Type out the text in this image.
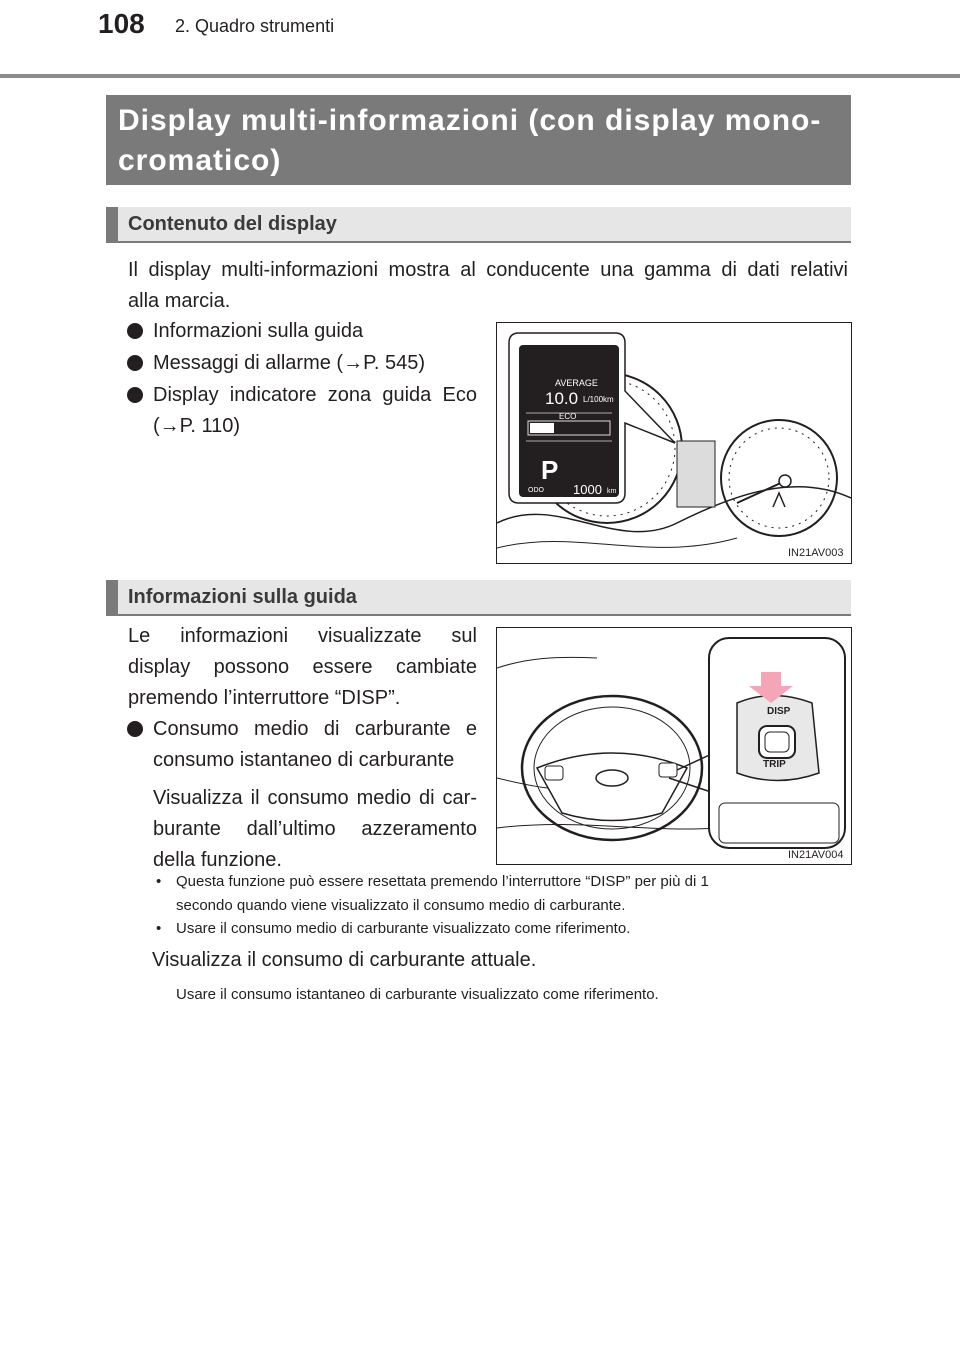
108 2. Quadro strumenti
Display multi-informazioni (con display mono-
cromatico)
Contenuto del display
Il display multi-informazioni mostra al conducente una gamma di dati relativi
alla marcia.
Informazioni sulla guida
Messaggi di allarme (→P. 545)
Display indicatore zona guida Eco
(→P. 110)
AVERAGE
10.0 L/100km
ECO
P
ODO 1000 km
IN21AV003
Informazioni sulla guida
Le informazioni visualizzate sul
display possono essere cambiate
premendo l’interruttore “DISP”.
Consumo medio di carburante e
consumo istantaneo di carburante
Visualizza il consumo medio di car-
burante dall’ultimo azzeramento
della funzione.
DISP
TRIP
IN21AV004
• Questa funzione può essere resettata premendo l’interruttore “DISP” per più di 1
secondo quando viene visualizzato il consumo medio di carburante.
• Usare il consumo medio di carburante visualizzato come riferimento.
Visualizza il consumo di carburante attuale.
Usare il consumo istantaneo di carburante visualizzato come riferimento.
